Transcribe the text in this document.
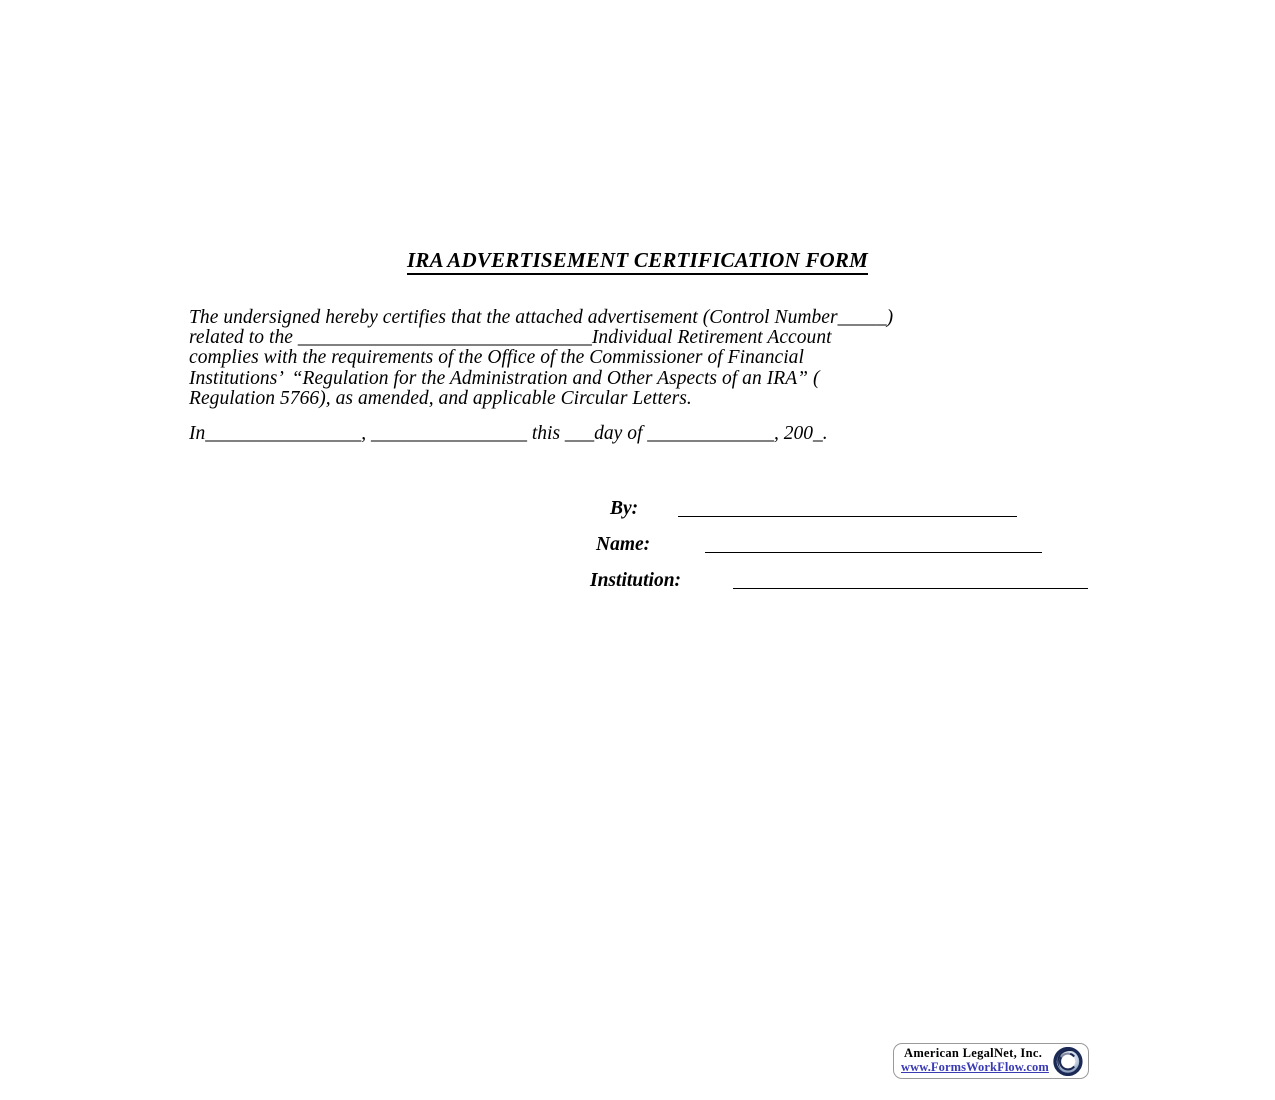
IRA ADVERTISEMENT CERTIFICATION FORM
The undersigned hereby certifies that the attached advertisement (Control Number_____)
related to the ______________________________Individual Retirement Account
complies with the requirements of the Office of the Commissioner of Financial
Institutions’  “Regulation for the Administration and Other Aspects of an IRA” (
Regulation 5766), as amended, and applicable Circular Letters.
In________________, ________________ this ___day of _____________, 200_.
By:
Name:
Institution:
American LegalNet, Inc.
www.FormsWorkFlow.com
